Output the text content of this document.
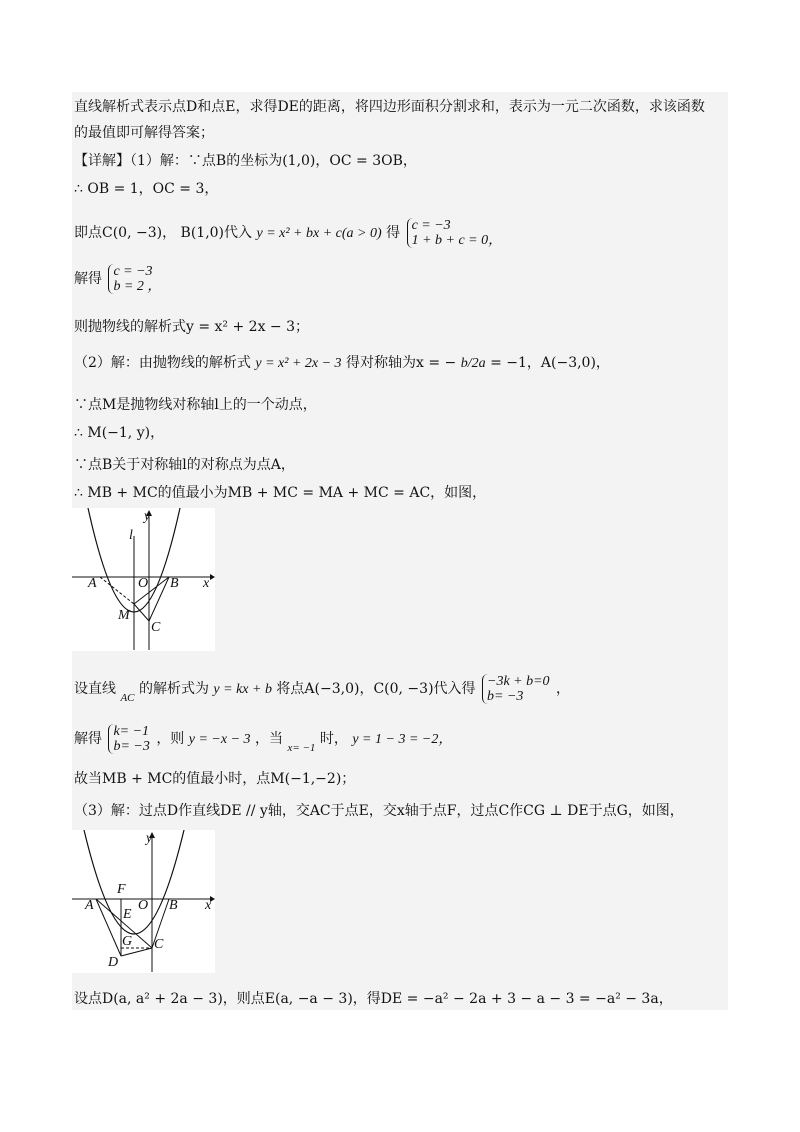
直线解析式表示点D和点E，求得DE的距离，将四边形面积分割求和，表示为一元二次函数，求该函数
的最值即可解得答案；
【详解】（1）解：∵点B的坐标为(1,0)，OC = 3OB，
∴ OB = 1，OC = 3，
即点C(0, −3)， B(1,0)代入 y = x² + bx + c(a > 0) 得 c = −3
1 + b + c = 0，
解得 c = −3
b = 2 ，
则抛物线的解析式y = x² + 2x − 3；
（2）解：由抛物线的解析式 y = x² + 2x − 3 得对称轴为x = − b/2a = −1，A(−3,0)，
∵点M是抛物线对称轴l上的一个动点，
∴ M(−1, y)，
∵点B关于对称轴l的对称点为点A，
∴ MB + MC的值最小为MB + MC = MA + MC = AC，如图，
y
l
A	O B x
M
C
设直线 $_{AC}$ 的解析式为 y = kx + b 将点A(−3,0)，C(0, −3)代入得 −3k + b=0
b= −3 ，
解得 k= −1
b= −3 ，则 y = −x − 3 ，当 $_{x= -1}$ 时， y = 1 − 3 = −2，
故当MB + MC的值最小时，点M(−1,−2)；
（3）解：过点D作直线DE // y轴，交AC于点E，交x轴于点F，过点C作CG ⊥ DE于点G，如图，
y
F
A
E
O B x
G C
D
设点D(a, a² + 2a − 3)，则点E(a, −a − 3)，得DE = −a² − 2a + 3 − a − 3 = −a² − 3a，
